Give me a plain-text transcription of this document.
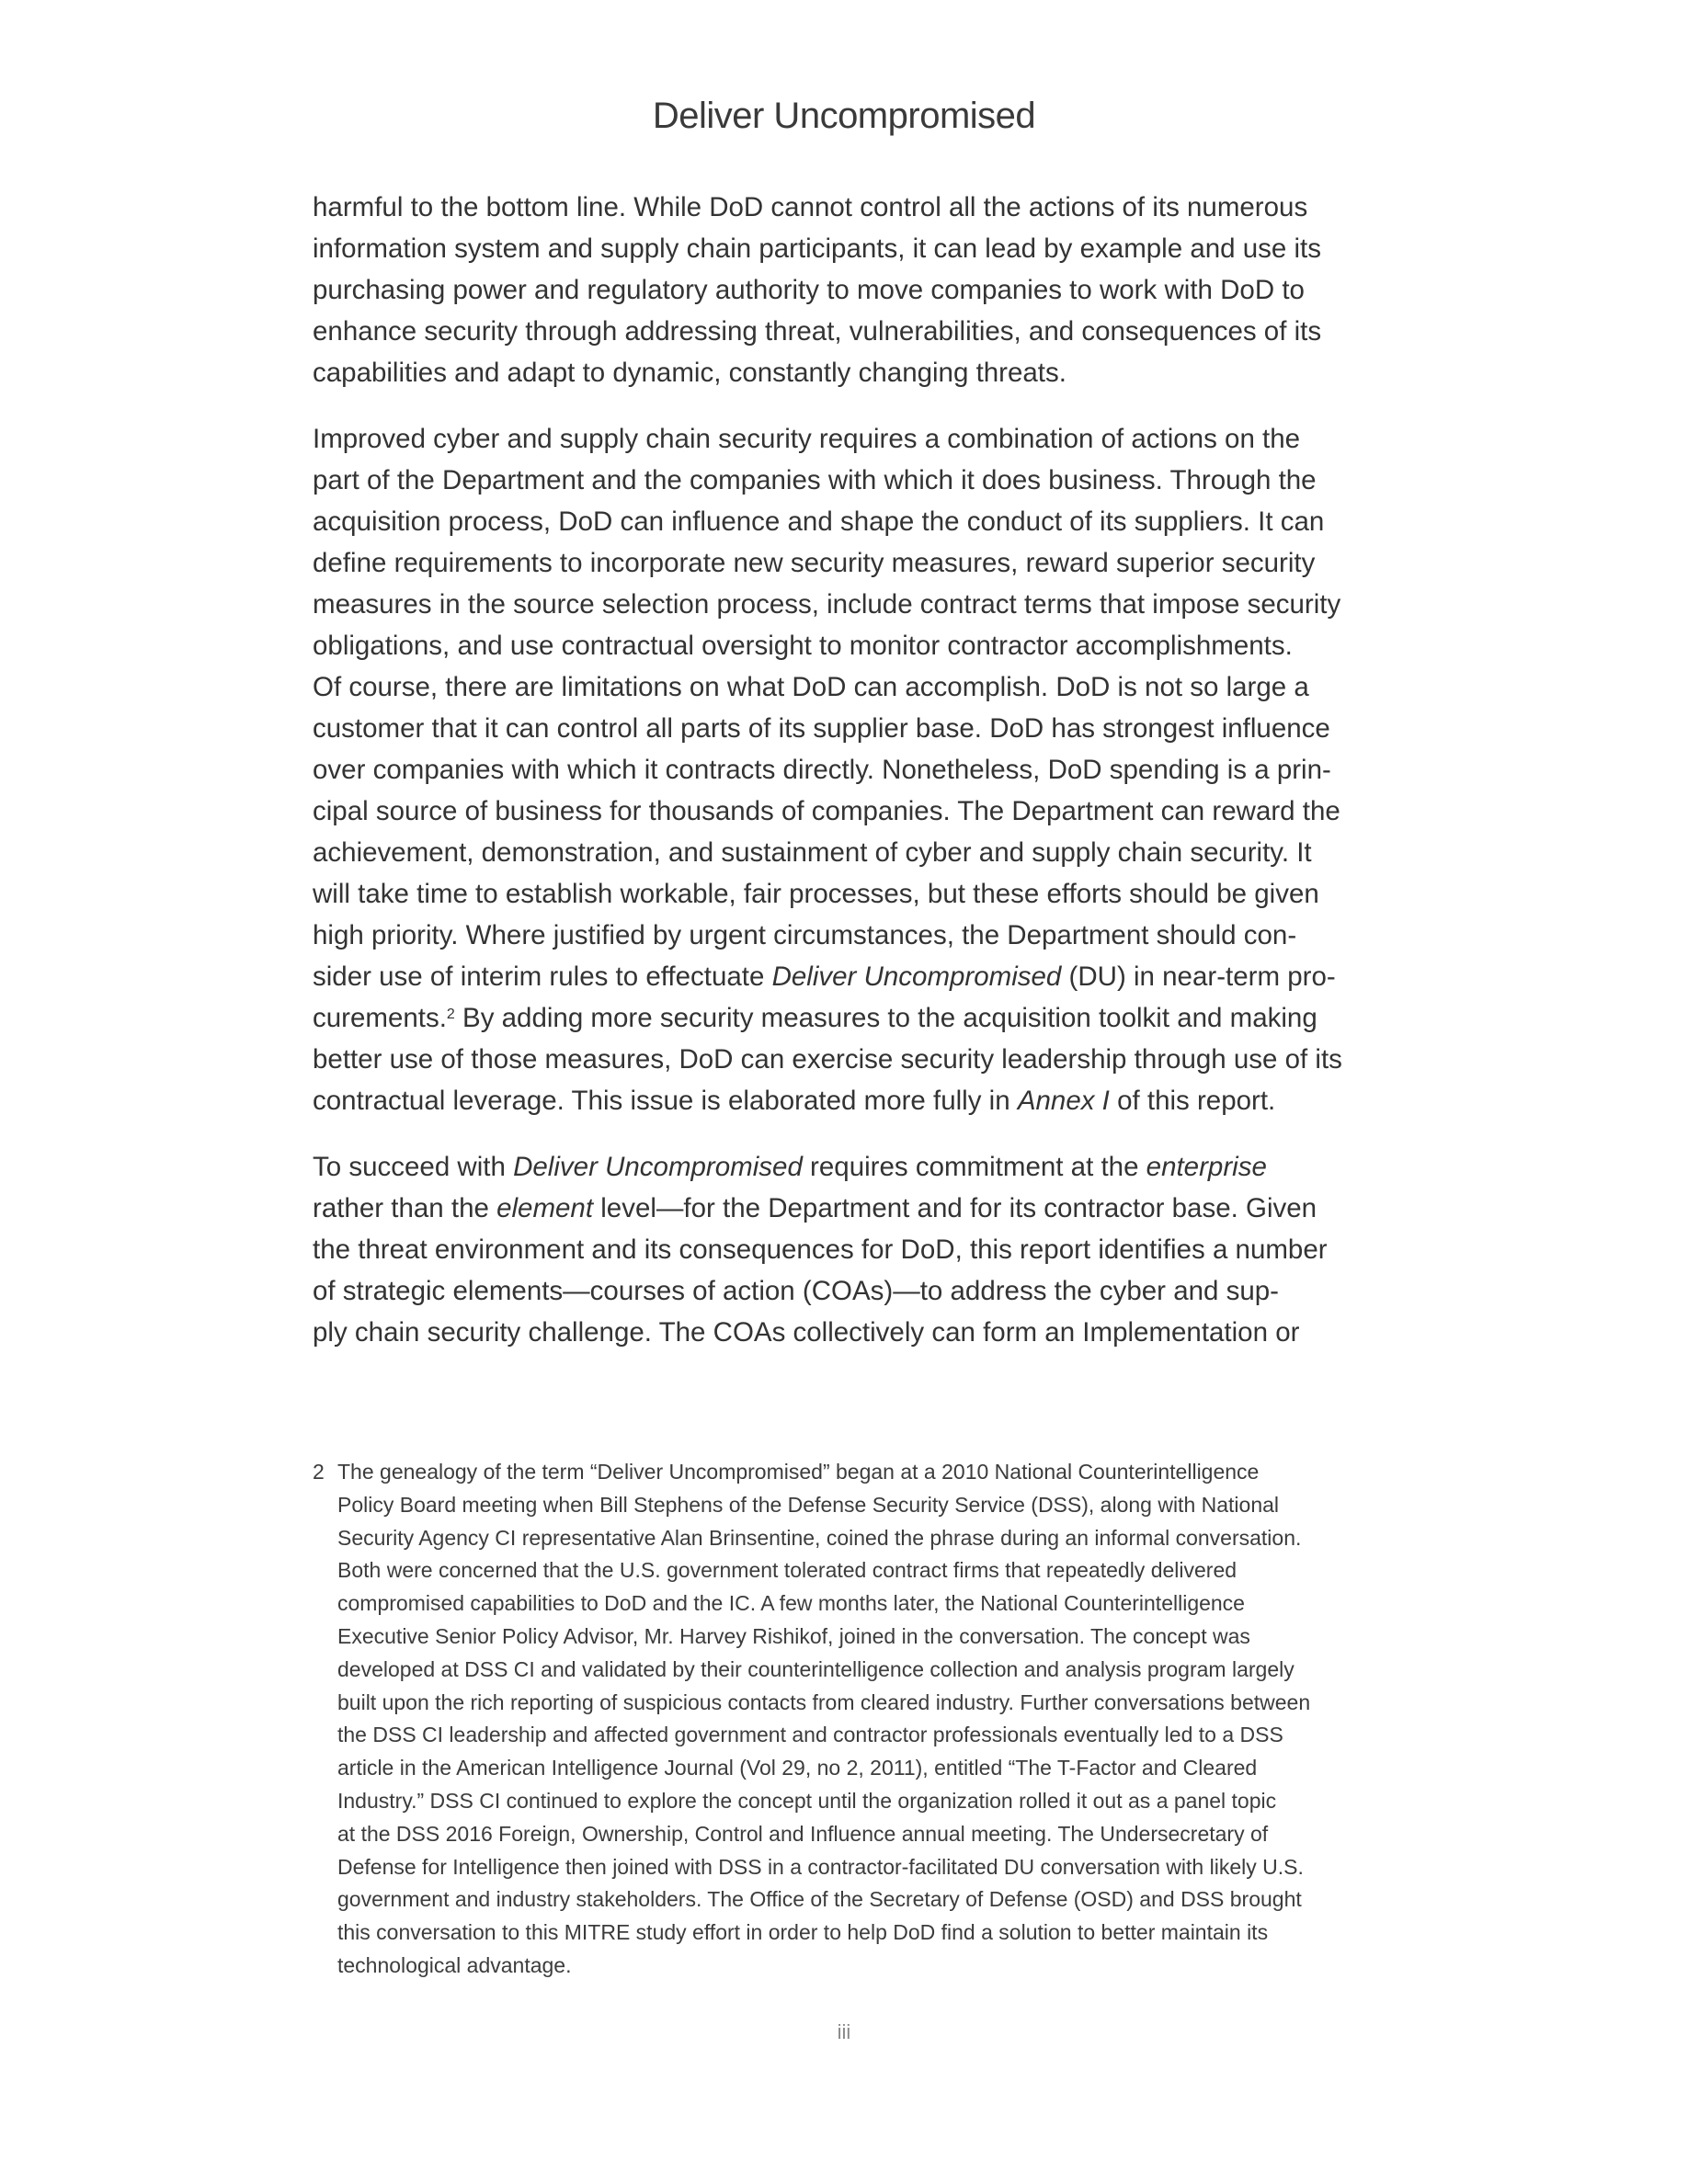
Deliver Uncompromised

harmful to the bottom line. While DoD cannot control all the actions of its numerous
information system and supply chain participants, it can lead by example and use its
purchasing power and regulatory authority to move companies to work with DoD to
enhance security through addressing threat, vulnerabilities, and consequences of its
capabilities and adapt to dynamic, constantly changing threats.

Improved cyber and supply chain security requires a combination of actions on the
part of the Department and the companies with which it does business. Through the
acquisition process, DoD can influence and shape the conduct of its suppliers. It can
define requirements to incorporate new security measures, reward superior security
measures in the source selection process, include contract terms that impose security
obligations, and use contractual oversight to monitor contractor accomplishments.
Of course, there are limitations on what DoD can accomplish. DoD is not so large a
customer that it can control all parts of its supplier base. DoD has strongest influence
over companies with which it contracts directly. Nonetheless, DoD spending is a prin-
cipal source of business for thousands of companies. The Department can reward the
achievement, demonstration, and sustainment of cyber and supply chain security. It
will take time to establish workable, fair processes, but these efforts should be given
high priority. Where justified by urgent circumstances, the Department should con-
sider use of interim rules to effectuate Deliver Uncompromised (DU) in near-term pro-
curements.$^2$ By adding more security measures to the acquisition toolkit and making
better use of those measures, DoD can exercise security leadership through use of its
contractual leverage. This issue is elaborated more fully in Annex I of this report.

To succeed with Deliver Uncompromised requires commitment at the enterprise
rather than the element level—for the Department and for its contractor base. Given
the threat environment and its consequences for DoD, this report identifies a number
of strategic elements—courses of action (COAs)—to address the cyber and sup-
ply chain security challenge. The COAs collectively can form an Implementation or

2 The genealogy of the term “Deliver Uncompromised” began at a 2010 National Counterintelligence
Policy Board meeting when Bill Stephens of the Defense Security Service (DSS), along with National
Security Agency CI representative Alan Brinsentine, coined the phrase during an informal conversation.
Both were concerned that the U.S. government tolerated contract firms that repeatedly delivered
compromised capabilities to DoD and the IC. A few months later, the National Counterintelligence
Executive Senior Policy Advisor, Mr. Harvey Rishikof, joined in the conversation. The concept was
developed at DSS CI and validated by their counterintelligence collection and analysis program largely
built upon the rich reporting of suspicious contacts from cleared industry. Further conversations between
the DSS CI leadership and affected government and contractor professionals eventually led to a DSS
article in the American Intelligence Journal (Vol 29, no 2, 2011), entitled “The T-Factor and Cleared
Industry.” DSS CI continued to explore the concept until the organization rolled it out as a panel topic
at the DSS 2016 Foreign, Ownership, Control and Influence annual meeting. The Undersecretary of
Defense for Intelligence then joined with DSS in a contractor-facilitated DU conversation with likely U.S.
government and industry stakeholders. The Office of the Secretary of Defense (OSD) and DSS brought
this conversation to this MITRE study effort in order to help DoD find a solution to better maintain its
technological advantage.
iii
